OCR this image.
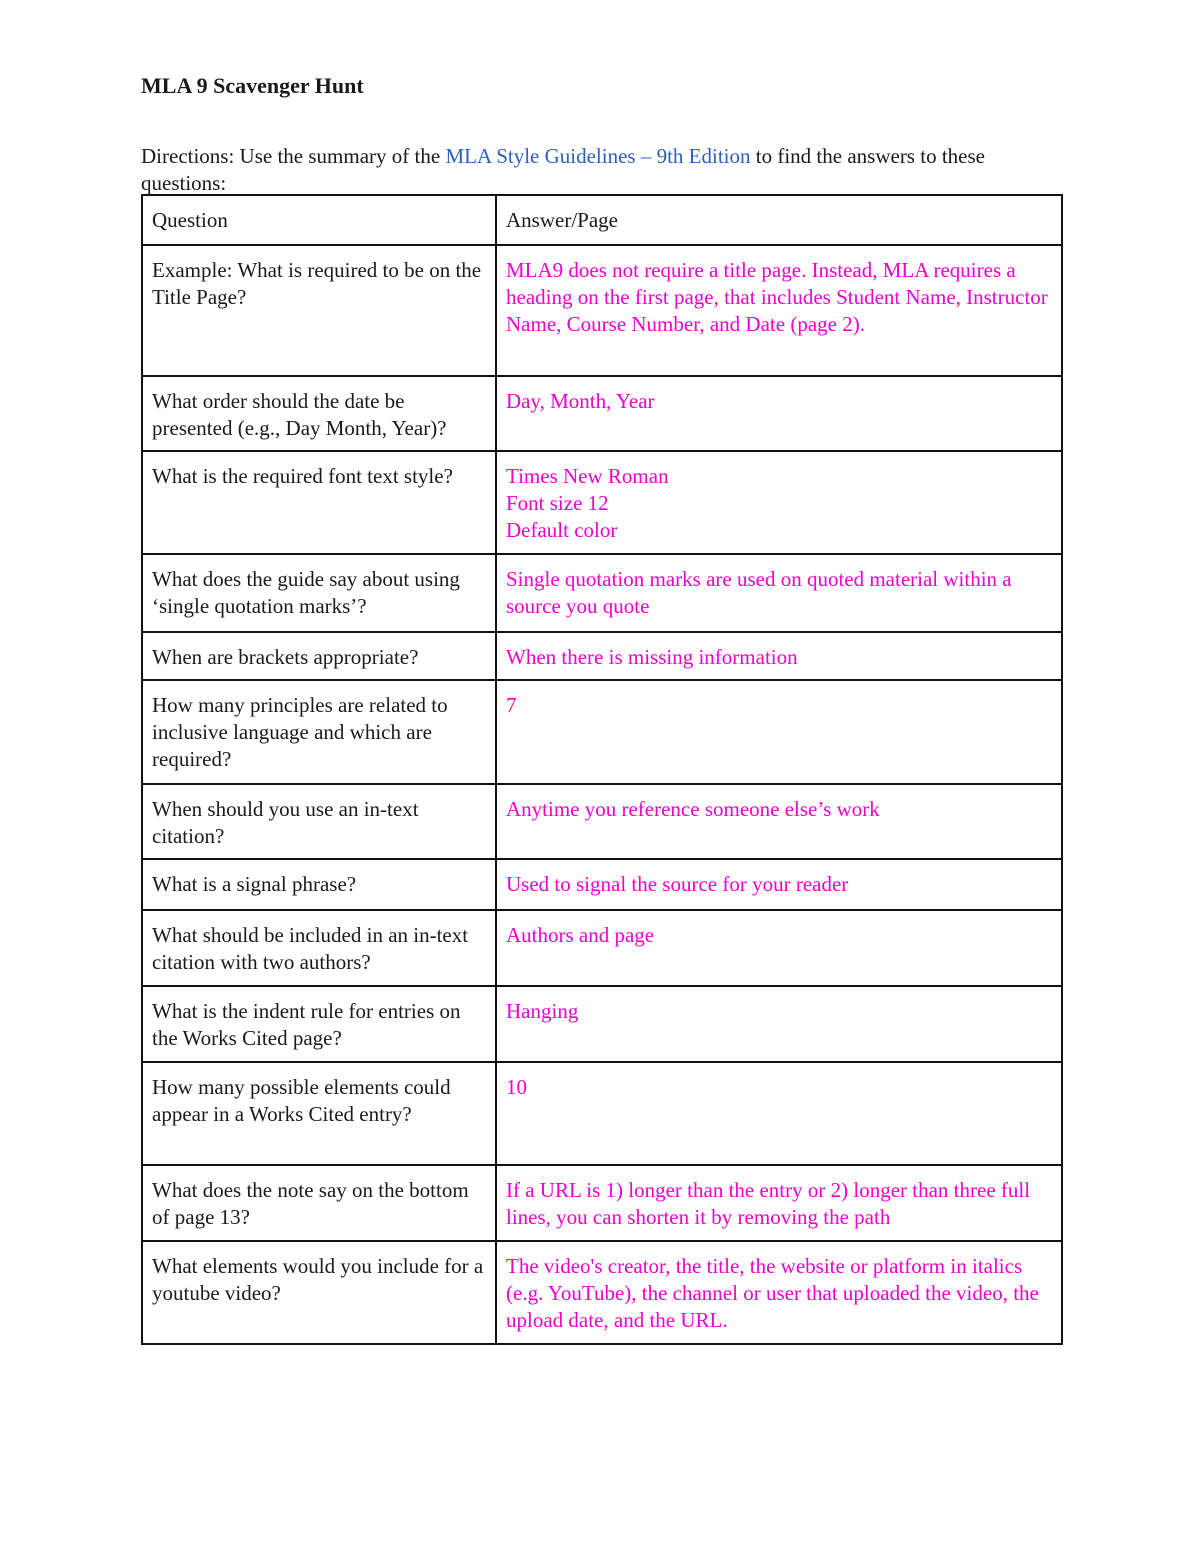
MLA 9 Scavenger Hunt

Directions: Use the summary of the MLA Style Guidelines – 9th Edition to find the answers to these questions:

Question	Answer/Page
Example: What is required to be on the Title Page?	MLA9 does not require a title page. Instead, MLA requires a heading on the first page, that includes Student Name, Instructor Name, Course Number, and Date (page 2).

What order should the date be presented (e.g., Day Month, Year)?	Day, Month, Year

What is the required font text style?	Times New Roman
Font size 12
Default color

What does the guide say about using ‘single quotation marks’?	Single quotation marks are used on quoted material within a source you quote

When are brackets appropriate?	When there is missing information

How many principles are related to inclusive language and which are required?	7

When should you use an in-text citation?	Anytime you reference someone else’s work

What is a signal phrase?	Used to signal the source for your reader

What should be included in an in-text citation with two authors?	Authors and page

What is the indent rule for entries on the Works Cited page?	Hanging

How many possible elements could appear in a Works Cited entry?	10

What does the note say on the bottom of page 13?	If a URL is 1) longer than the entry or 2) longer than three full lines, you can shorten it by removing the path

What elements would you include for a youtube video?	The video's creator, the title, the website or platform in italics (e.g. YouTube), the channel or user that uploaded the video, the upload date, and the URL.
